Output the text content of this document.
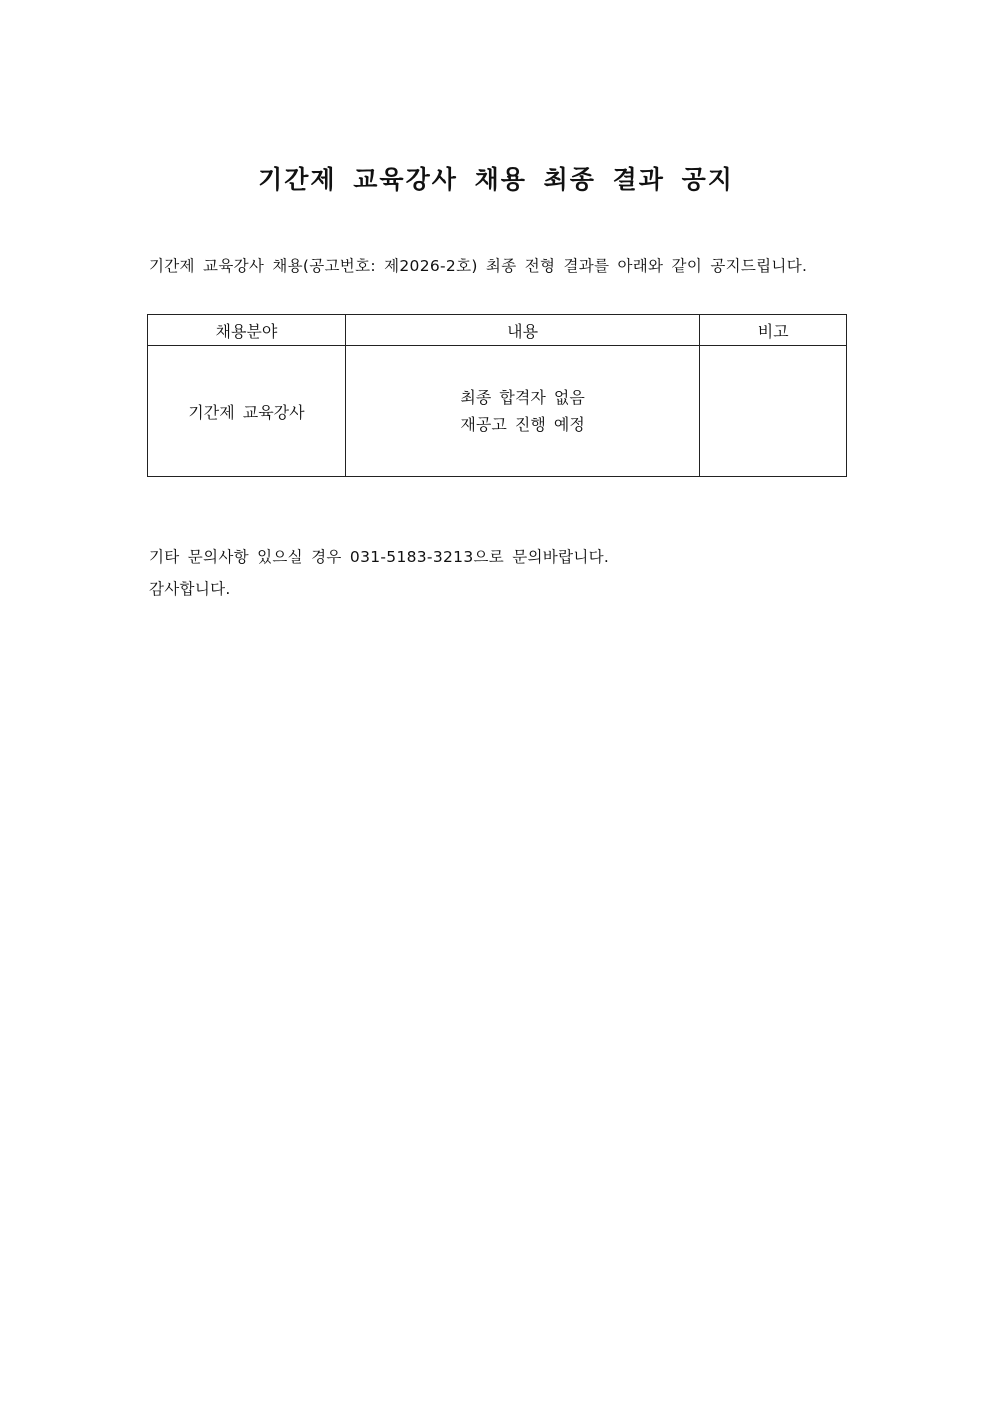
기간제 교육강사 채용 최종 결과 공지
기간제 교육강사 채용(공고번호: 제2026-2호) 최종 전형 결과를 아래와 같이 공지드립니다.
채용분야	내용	비고
기간제 교육강사	최종 합격자 없음
재공고 진행 예정	

기타 문의사항 있으실 경우 031-5183-3213으로 문의바랍니다.
감사합니다.
